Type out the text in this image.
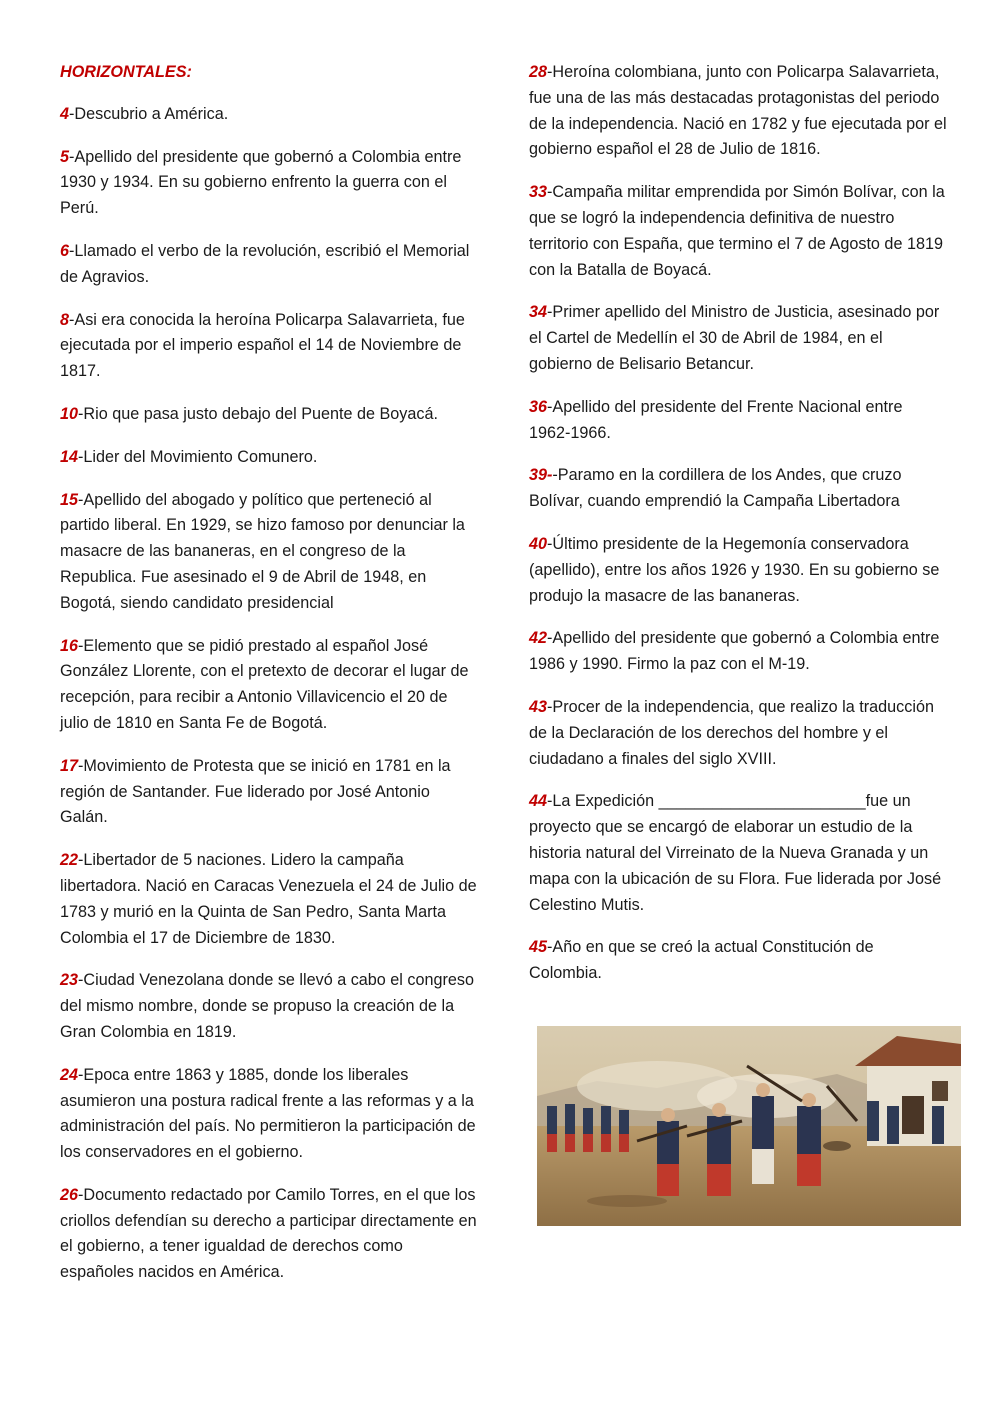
HORIZONTALES:

4-Descubrio a América.

5-Apellido del presidente que gobernó a Colombia entre 1930 y 1934. En su gobierno enfrento la guerra con el Perú.

6-Llamado el verbo de la revolución, escribió el Memorial de Agravios.

8-Asi era conocida la heroína Policarpa Salavarrieta, fue ejecutada por el imperio español el 14 de Noviembre de 1817.

10-Rio que pasa justo debajo del Puente de Boyacá.

14-Lider del Movimiento Comunero.

15-Apellido del abogado y político que perteneció al partido liberal. En 1929, se hizo famoso por denunciar la masacre de las bananeras, en el congreso de la Republica. Fue asesinado el 9 de Abril de 1948, en Bogotá, siendo candidato presidencial

16-Elemento que se pidió prestado al español José González Llorente, con el pretexto de decorar el lugar de recepción, para recibir a Antonio Villavicencio el 20 de julio de 1810 en Santa Fe de Bogotá.

17-Movimiento de Protesta que se inició en 1781 en la región de Santander. Fue liderado por José Antonio Galán.

22-Libertador de 5 naciones. Lidero la campaña libertadora. Nació en Caracas Venezuela el 24 de Julio de 1783 y murió en la Quinta de San Pedro, Santa Marta Colombia el 17 de Diciembre de 1830.

23-Ciudad Venezolana donde se llevó a cabo el congreso del mismo nombre, donde se propuso la creación de la Gran Colombia en 1819.

24-Epoca entre 1863 y 1885, donde los liberales asumieron una postura radical frente a las reformas y a la administración del país. No permitieron la participación de los conservadores en el gobierno.

26-Documento redactado por Camilo Torres, en el que los criollos defendían su derecho a participar directamente en el gobierno, a tener igualdad de derechos como españoles nacidos en América.

28-Heroína colombiana, junto con Policarpa Salavarrieta, fue una de las más destacadas protagonistas del periodo de la independencia. Nació en 1782 y fue ejecutada por el gobierno español el 28 de Julio de 1816.

33-Campaña militar emprendida por Simón Bolívar, con la que se logró la independencia definitiva de nuestro territorio con España, que termino el 7 de Agosto de 1819 con la Batalla de Boyacá.

34-Primer apellido del Ministro de Justicia, asesinado por el Cartel de Medellín el 30 de Abril de 1984, en el gobierno de Belisario Betancur.

36-Apellido del presidente del Frente Nacional entre 1962-1966.

39--Paramo en la cordillera de los Andes, que cruzo Bolívar, cuando emprendió la Campaña Libertadora

40-Último presidente de la Hegemonía conservadora (apellido), entre los años 1926 y 1930. En su gobierno se produjo la masacre de las bananeras.

42-Apellido del presidente que gobernó a Colombia entre 1986 y 1990. Firmo la paz con el M-19.

43-Procer de la independencia, que realizo la traducción de la Declaración de los derechos del hombre y el ciudadano a finales del siglo XVIII.

44-La Expedición _______________________fue un proyecto que se encargó de elaborar un estudio de la historia natural del Virreinato de la Nueva Granada y un mapa con la ubicación de su Flora. Fue liderada por José Celestino Mutis.

45-Año en que se creó la actual Constitución de Colombia.
